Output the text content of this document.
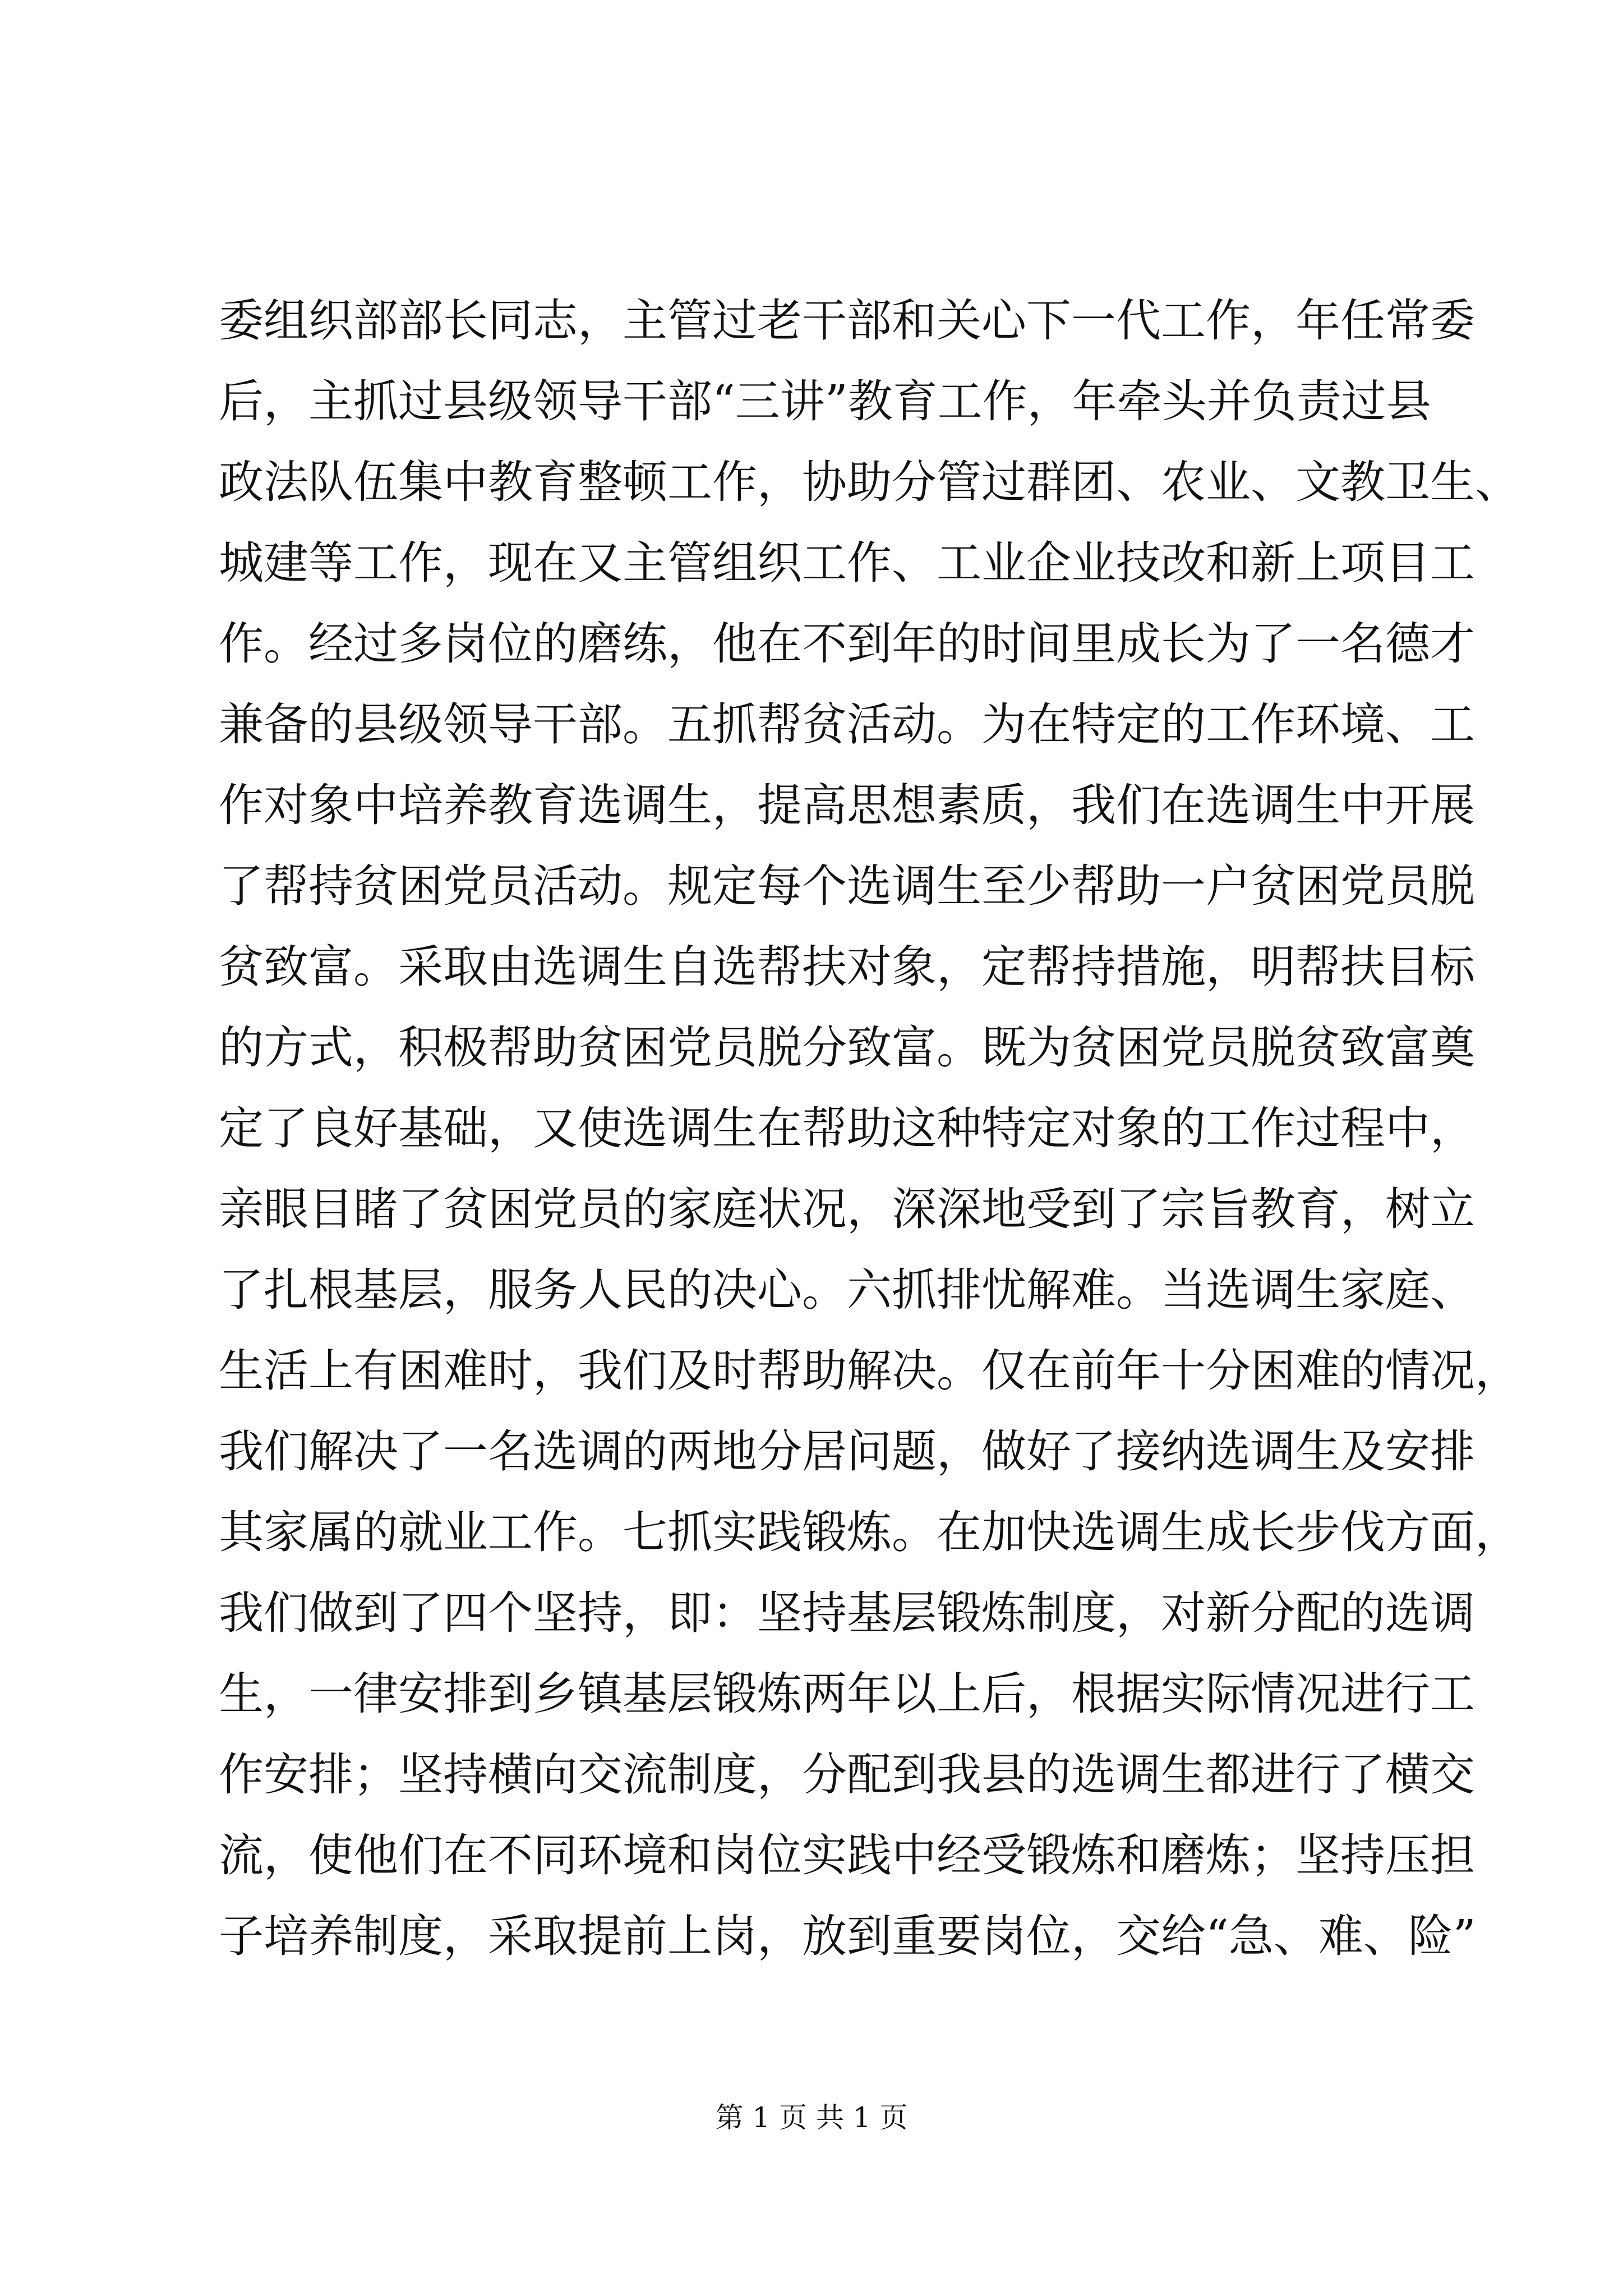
委组织部部长同志，主管过老干部和关心下一代工作，年任常委
后，主抓过县级领导干部“三讲”教育工作，年牵头并负责过县
政法队伍集中教育整顿工作，协助分管过群团、农业、文教卫生、
城建等工作，现在又主管组织工作、工业企业技改和新上项目工
作。经过多岗位的磨练，他在不到年的时间里成长为了一名德才
兼备的县级领导干部。五抓帮贫活动。为在特定的工作环境、工
作对象中培养教育选调生，提高思想素质，我们在选调生中开展
了帮持贫困党员活动。规定每个选调生至少帮助一户贫困党员脱
贫致富。采取由选调生自选帮扶对象，定帮持措施，明帮扶目标
的方式，积极帮助贫困党员脱分致富。既为贫困党员脱贫致富奠
定了良好基础，又使选调生在帮助这种特定对象的工作过程中，
亲眼目睹了贫困党员的家庭状况，深深地受到了宗旨教育，树立
了扎根基层，服务人民的决心。六抓排忧解难。当选调生家庭、
生活上有困难时，我们及时帮助解决。仅在前年十分困难的情况，
我们解决了一名选调的两地分居问题，做好了接纳选调生及安排
其家属的就业工作。七抓实践锻炼。在加快选调生成长步伐方面，
我们做到了四个坚持，即：坚持基层锻炼制度，对新分配的选调
生，一律安排到乡镇基层锻炼两年以上后，根据实际情况进行工
作安排；坚持横向交流制度，分配到我县的选调生都进行了横交
流，使他们在不同环境和岗位实践中经受锻炼和磨炼；坚持压担
子培养制度，采取提前上岗，放到重要岗位，交给“急、难、险”
第 1 页 共 1 页
